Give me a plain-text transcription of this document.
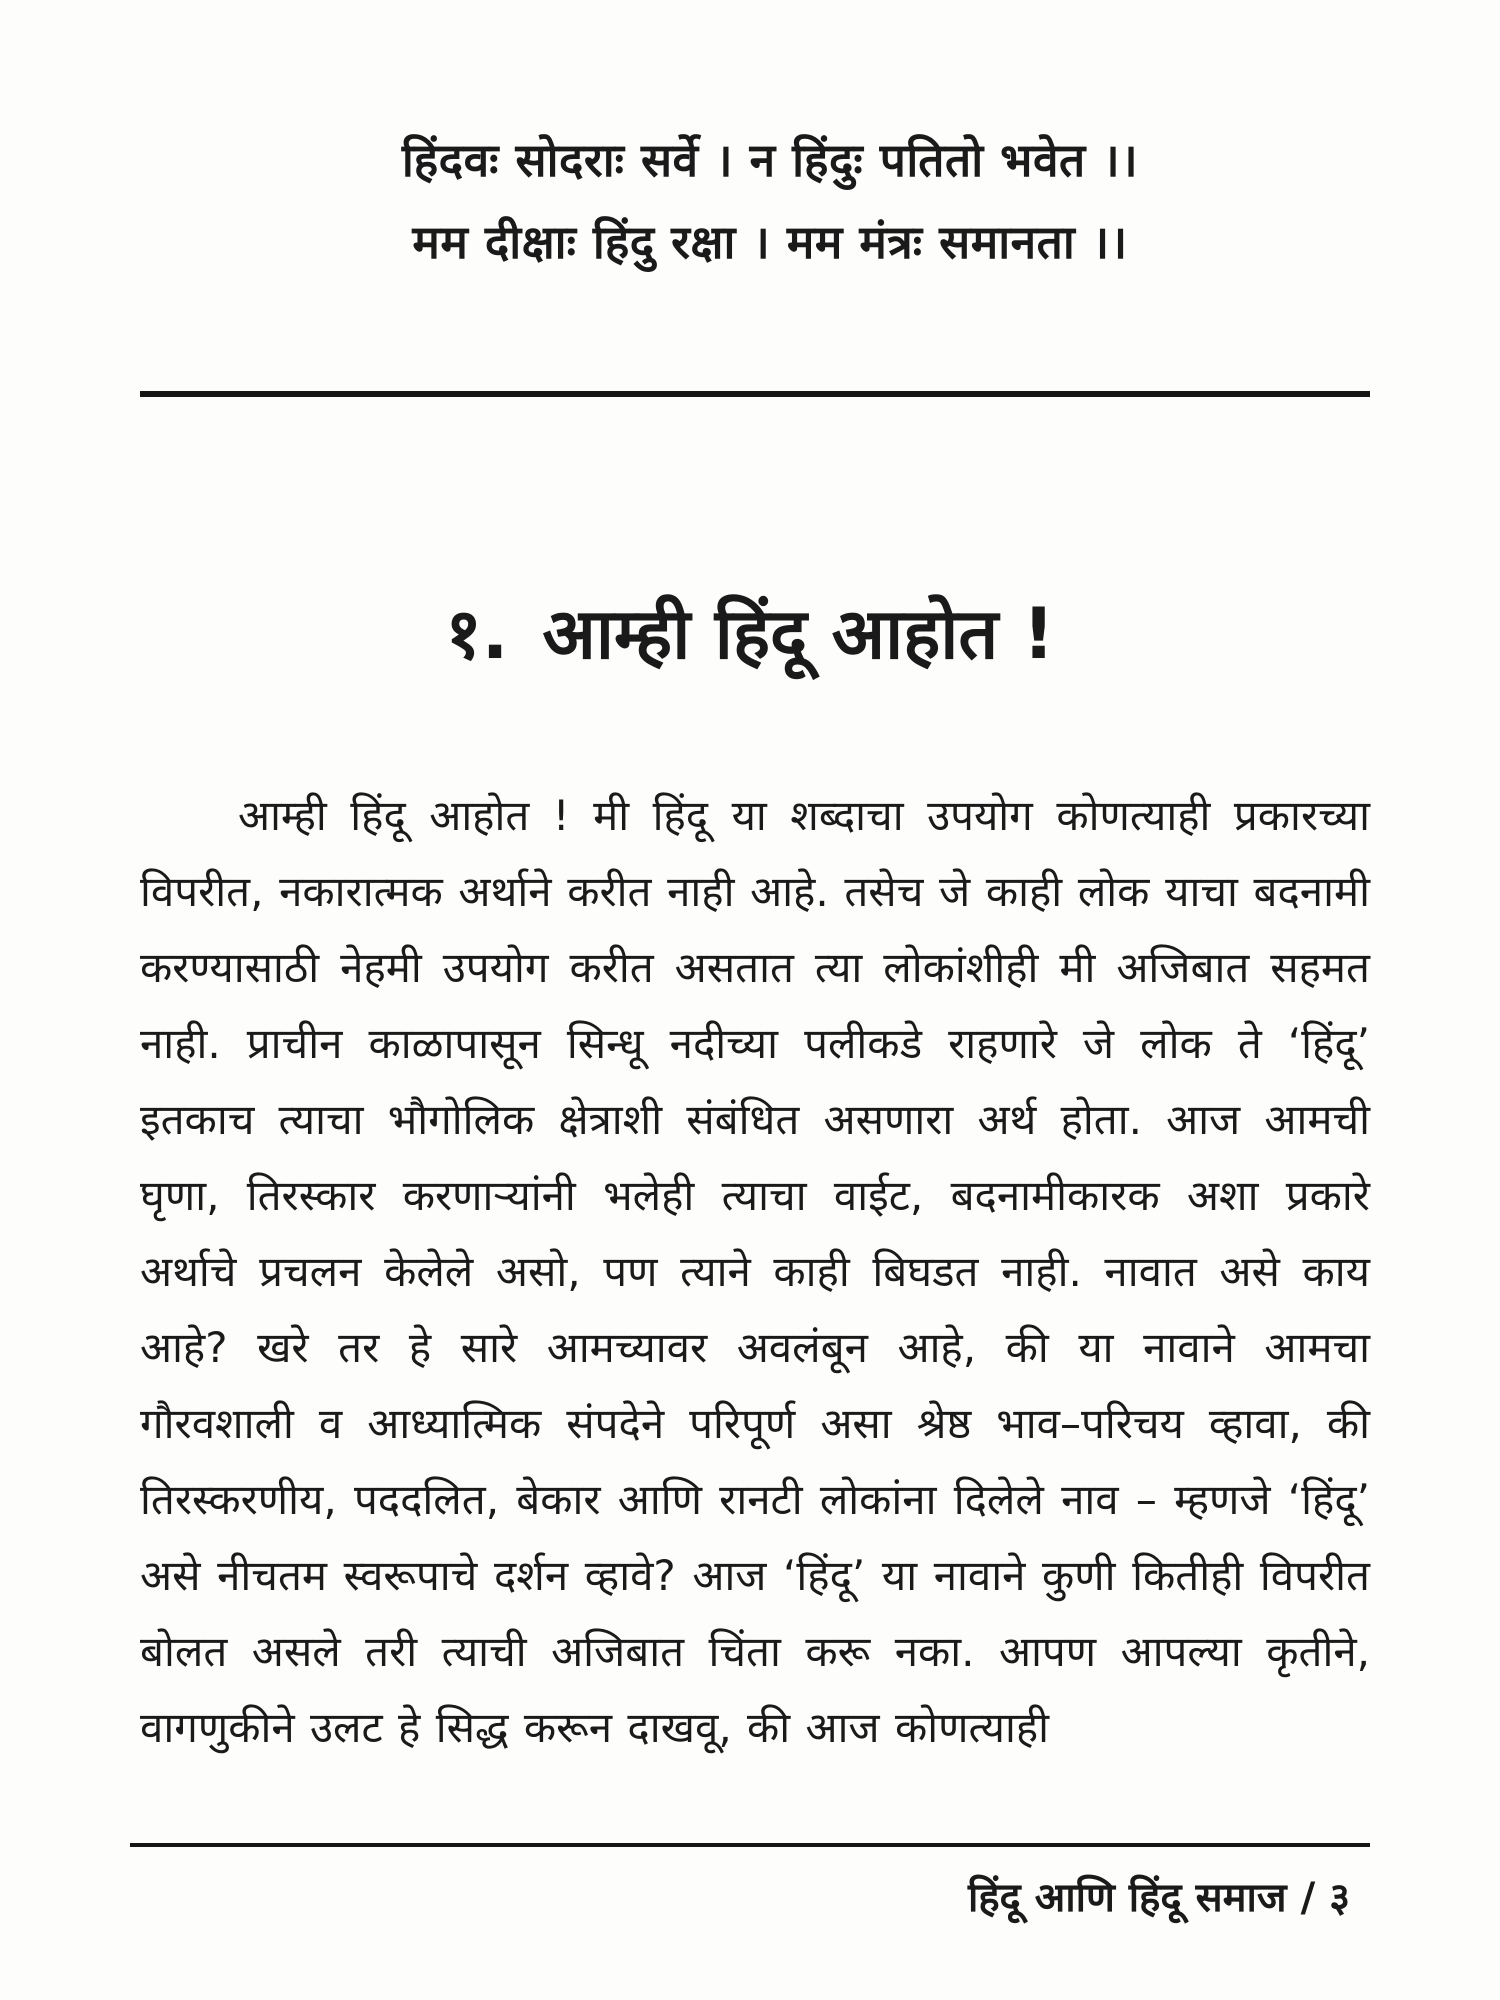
हिंदवः सोदराः सर्वे । न हिंदुः पतितो भवेत ।।
मम दीक्षाः हिंदु रक्षा । मम मंत्रः समानता ।।
१. आम्ही हिंदू आहोत !

आम्ही हिंदू आहोत ! मी हिंदू या शब्दाचा उपयोग कोणत्याही प्रकारच्या विपरीत, नकारात्मक अर्थाने करीत नाही आहे. तसेच जे काही लोक याचा बदनामी करण्यासाठी नेहमी उपयोग करीत असतात त्या लोकांशीही मी अजिबात सहमत नाही. प्राचीन काळापासून सिन्धू नदीच्या पलीकडे राहणारे जे लोक ते ‘हिंदू’ इतकाच त्याचा भौगोलिक क्षेत्राशी संबंधित असणारा अर्थ होता. आज आमची घृणा, तिरस्कार करणाऱ्यांनी भलेही त्याचा वाईट, बदनामीकारक अशा प्रकारे अर्थाचे प्रचलन केलेले असो, पण त्याने काही बिघडत नाही. नावात असे काय आहे? खरे तर हे सारे आमच्यावर अवलंबून आहे, की या नावाने आमचा गौरवशाली व आध्यात्मिक संपदेने परिपूर्ण असा श्रेष्ठ भाव–परिचय व्हावा, की तिरस्करणीय, पददलित, बेकार आणि रानटी लोकांना दिलेले नाव – म्हणजे ‘हिंदू’ असे नीचतम स्वरूपाचे दर्शन व्हावे? आज ‘हिंदू’ या नावाने कुणी कितीही विपरीत बोलत असले तरी त्याची अजिबात चिंता करू नका. आपण आपल्या कृतीने, वागणुकीने उलट हे सिद्ध करून दाखवू, की आज कोणत्याही

हिंदू आणि हिंदू समाज / ३
